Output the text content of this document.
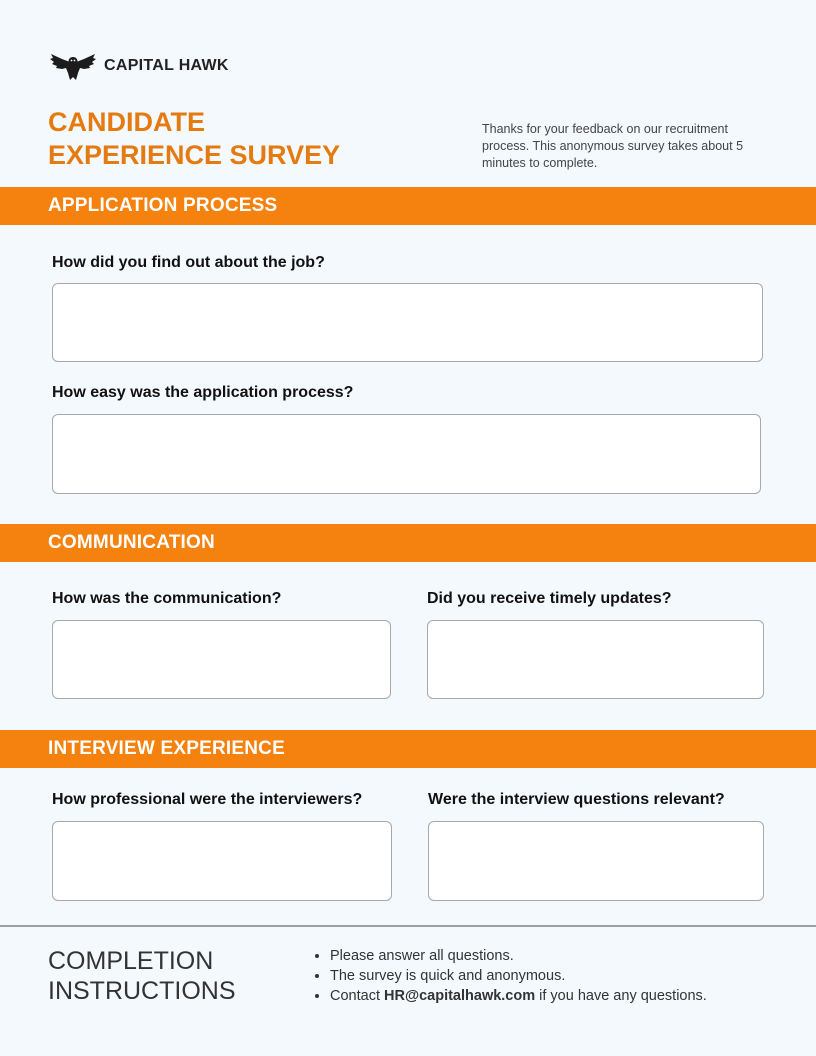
CAPITAL HAWK
CANDIDATE
EXPERIENCE SURVEY

Thanks for your feedback on our recruitment process. This anonymous survey takes about 5 minutes to complete.

APPLICATION PROCESS

How did you find out about the job?

How easy was the application process?

COMMUNICATION

How was the communication?	Did you receive timely updates?

INTERVIEW EXPERIENCE

How professional were the interviewers?	Were the interview questions relevant?

COMPLETION
INSTRUCTIONS
• Please answer all questions.
• The survey is quick and anonymous.
• Contact HR@capitalhawk.com if you have any questions.
